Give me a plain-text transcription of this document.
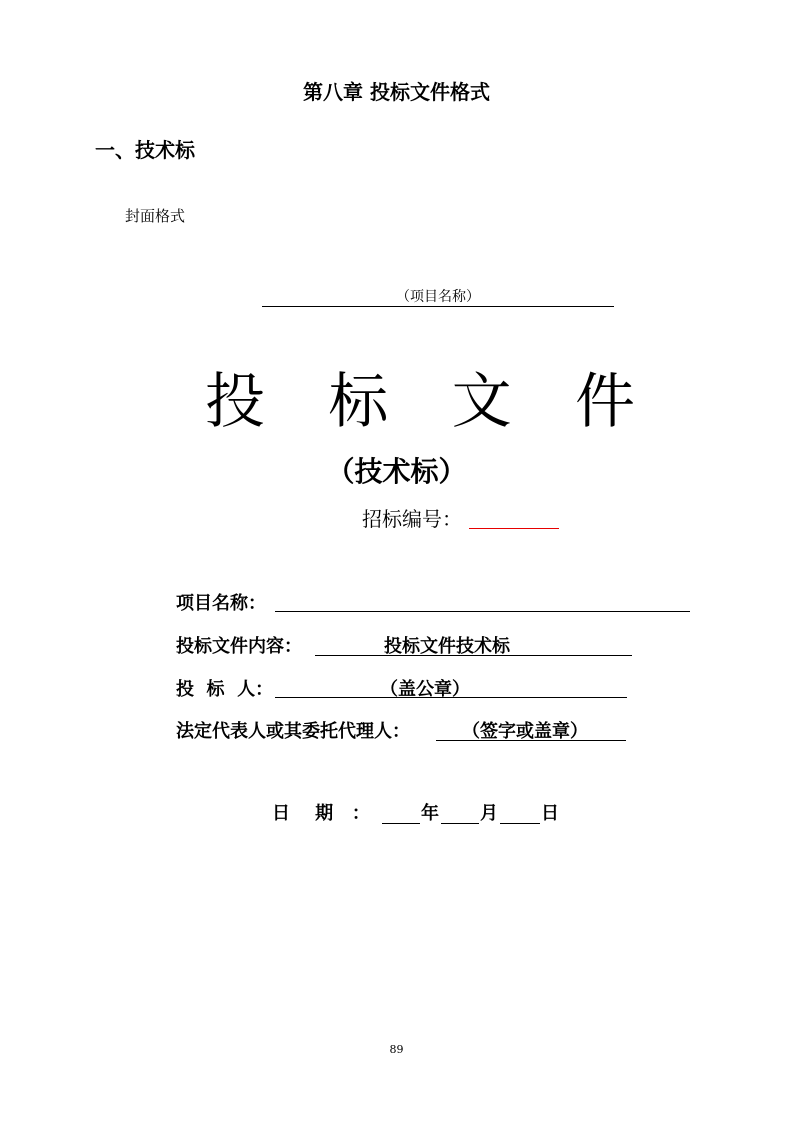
第八章 投标文件格式
一、技术标
封面格式
（项目名称）
投 标 文 件
（技术标）
招标编号：
项目名称：
投标文件内容：	投标文件技术标
投  标  人：	（盖公章）
法定代表人或其委托代理人：	（签字或盖章）
日    期   ：	年 月 日
89
